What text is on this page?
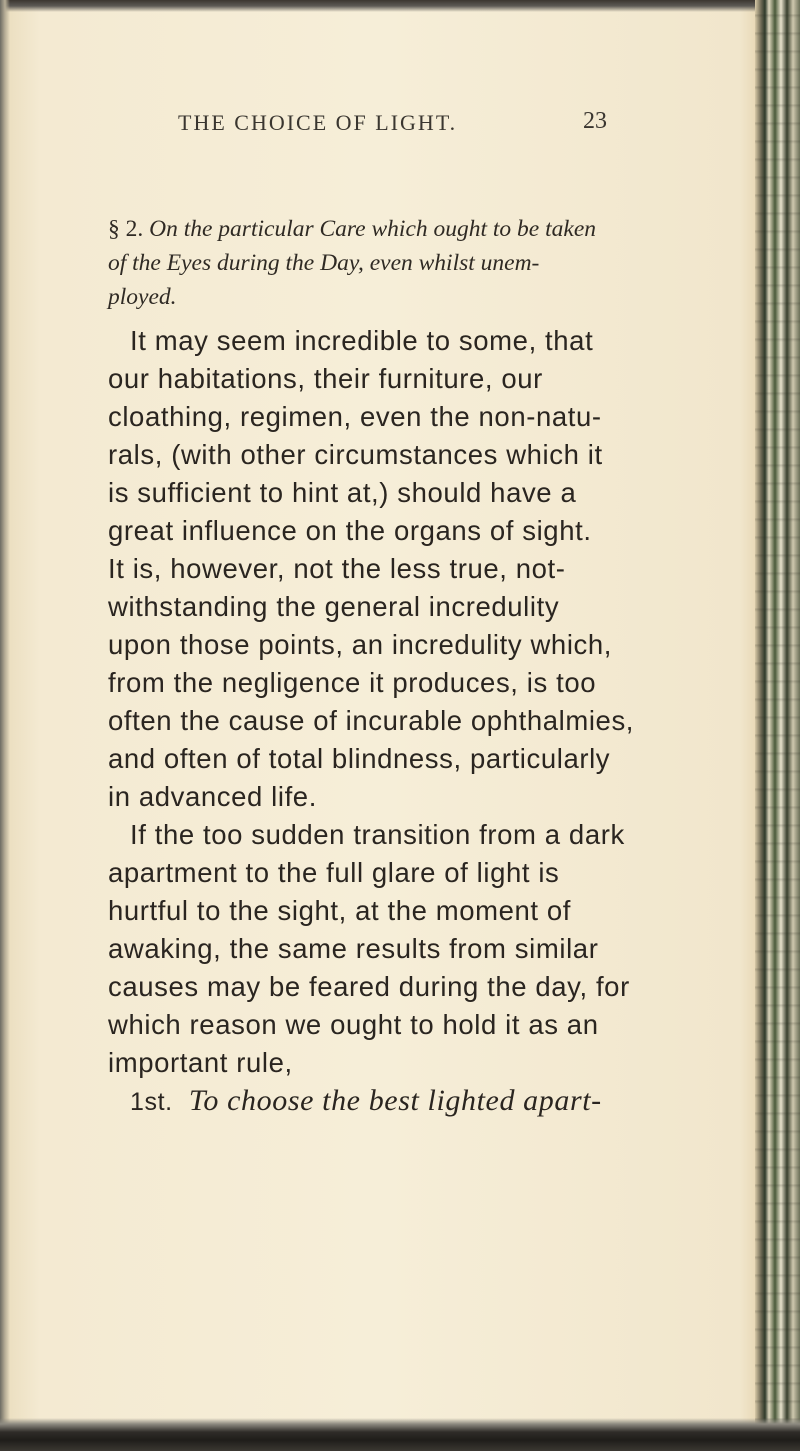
THE CHOICE OF LIGHT.	23
§ 2. On the particular Care which ought to be taken
of the Eyes during the Day, even whilst unem-
ployed.
It may seem incredible to some, that
our habitations, their furniture, our
cloathing, regimen, even the non-natu-
rals, (with other circumstances which it
is sufficient to hint at,) should have a
great influence on the organs of sight.
It is, however, not the less true, not-
withstanding the general incredulity
upon those points, an incredulity which,
from the negligence it produces, is too
often the cause of incurable ophthalmies,
and often of total blindness, particularly
in advanced life.
If the too sudden transition from a dark
apartment to the full glare of light is
hurtful to the sight, at the moment of
awaking, the same results from similar
causes may be feared during the day, for
which reason we ought to hold it as an
important rule,
1st. To choose the best lighted apart-
